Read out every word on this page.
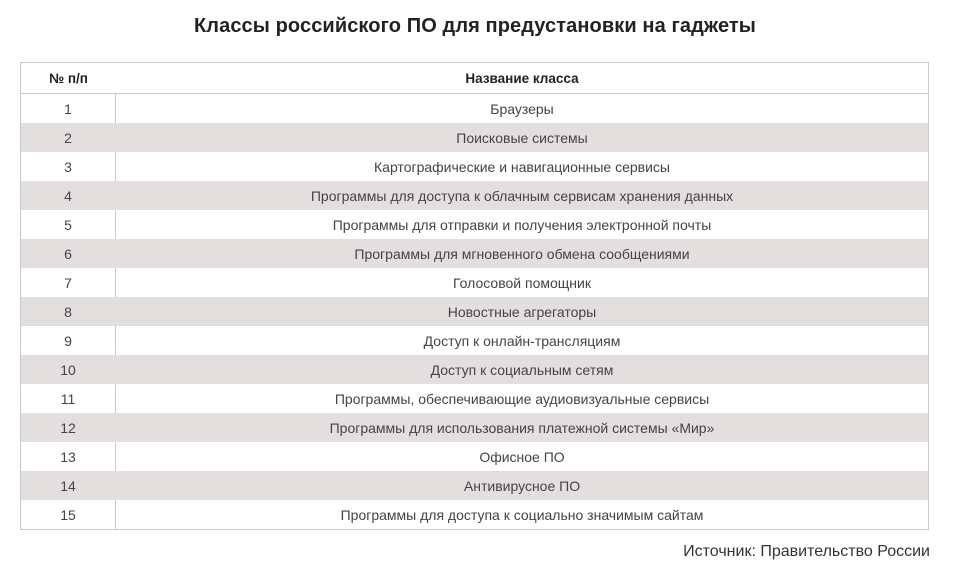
Классы российского ПО для предустановки на гаджеты
№ п/п	Название класса
1	Браузеры
2	Поисковые системы
3	Картографические и навигационные сервисы
4	Программы для доступа к облачным сервисам хранения данных
5	Программы для отправки и получения электронной почты
6	Программы для мгновенного обмена сообщениями
7	Голосовой помощник
8	Новостные агрегаторы
9	Доступ к онлайн-трансляциям
10	Доступ к социальным сетям
11	Программы, обеспечивающие аудиовизуальные сервисы
12	Программы для использования платежной системы «Мир»
13	Офисное ПО
14	Антивирусное ПО
15	Программы для доступа к социально значимым сайтам
Источник: Правительство России
